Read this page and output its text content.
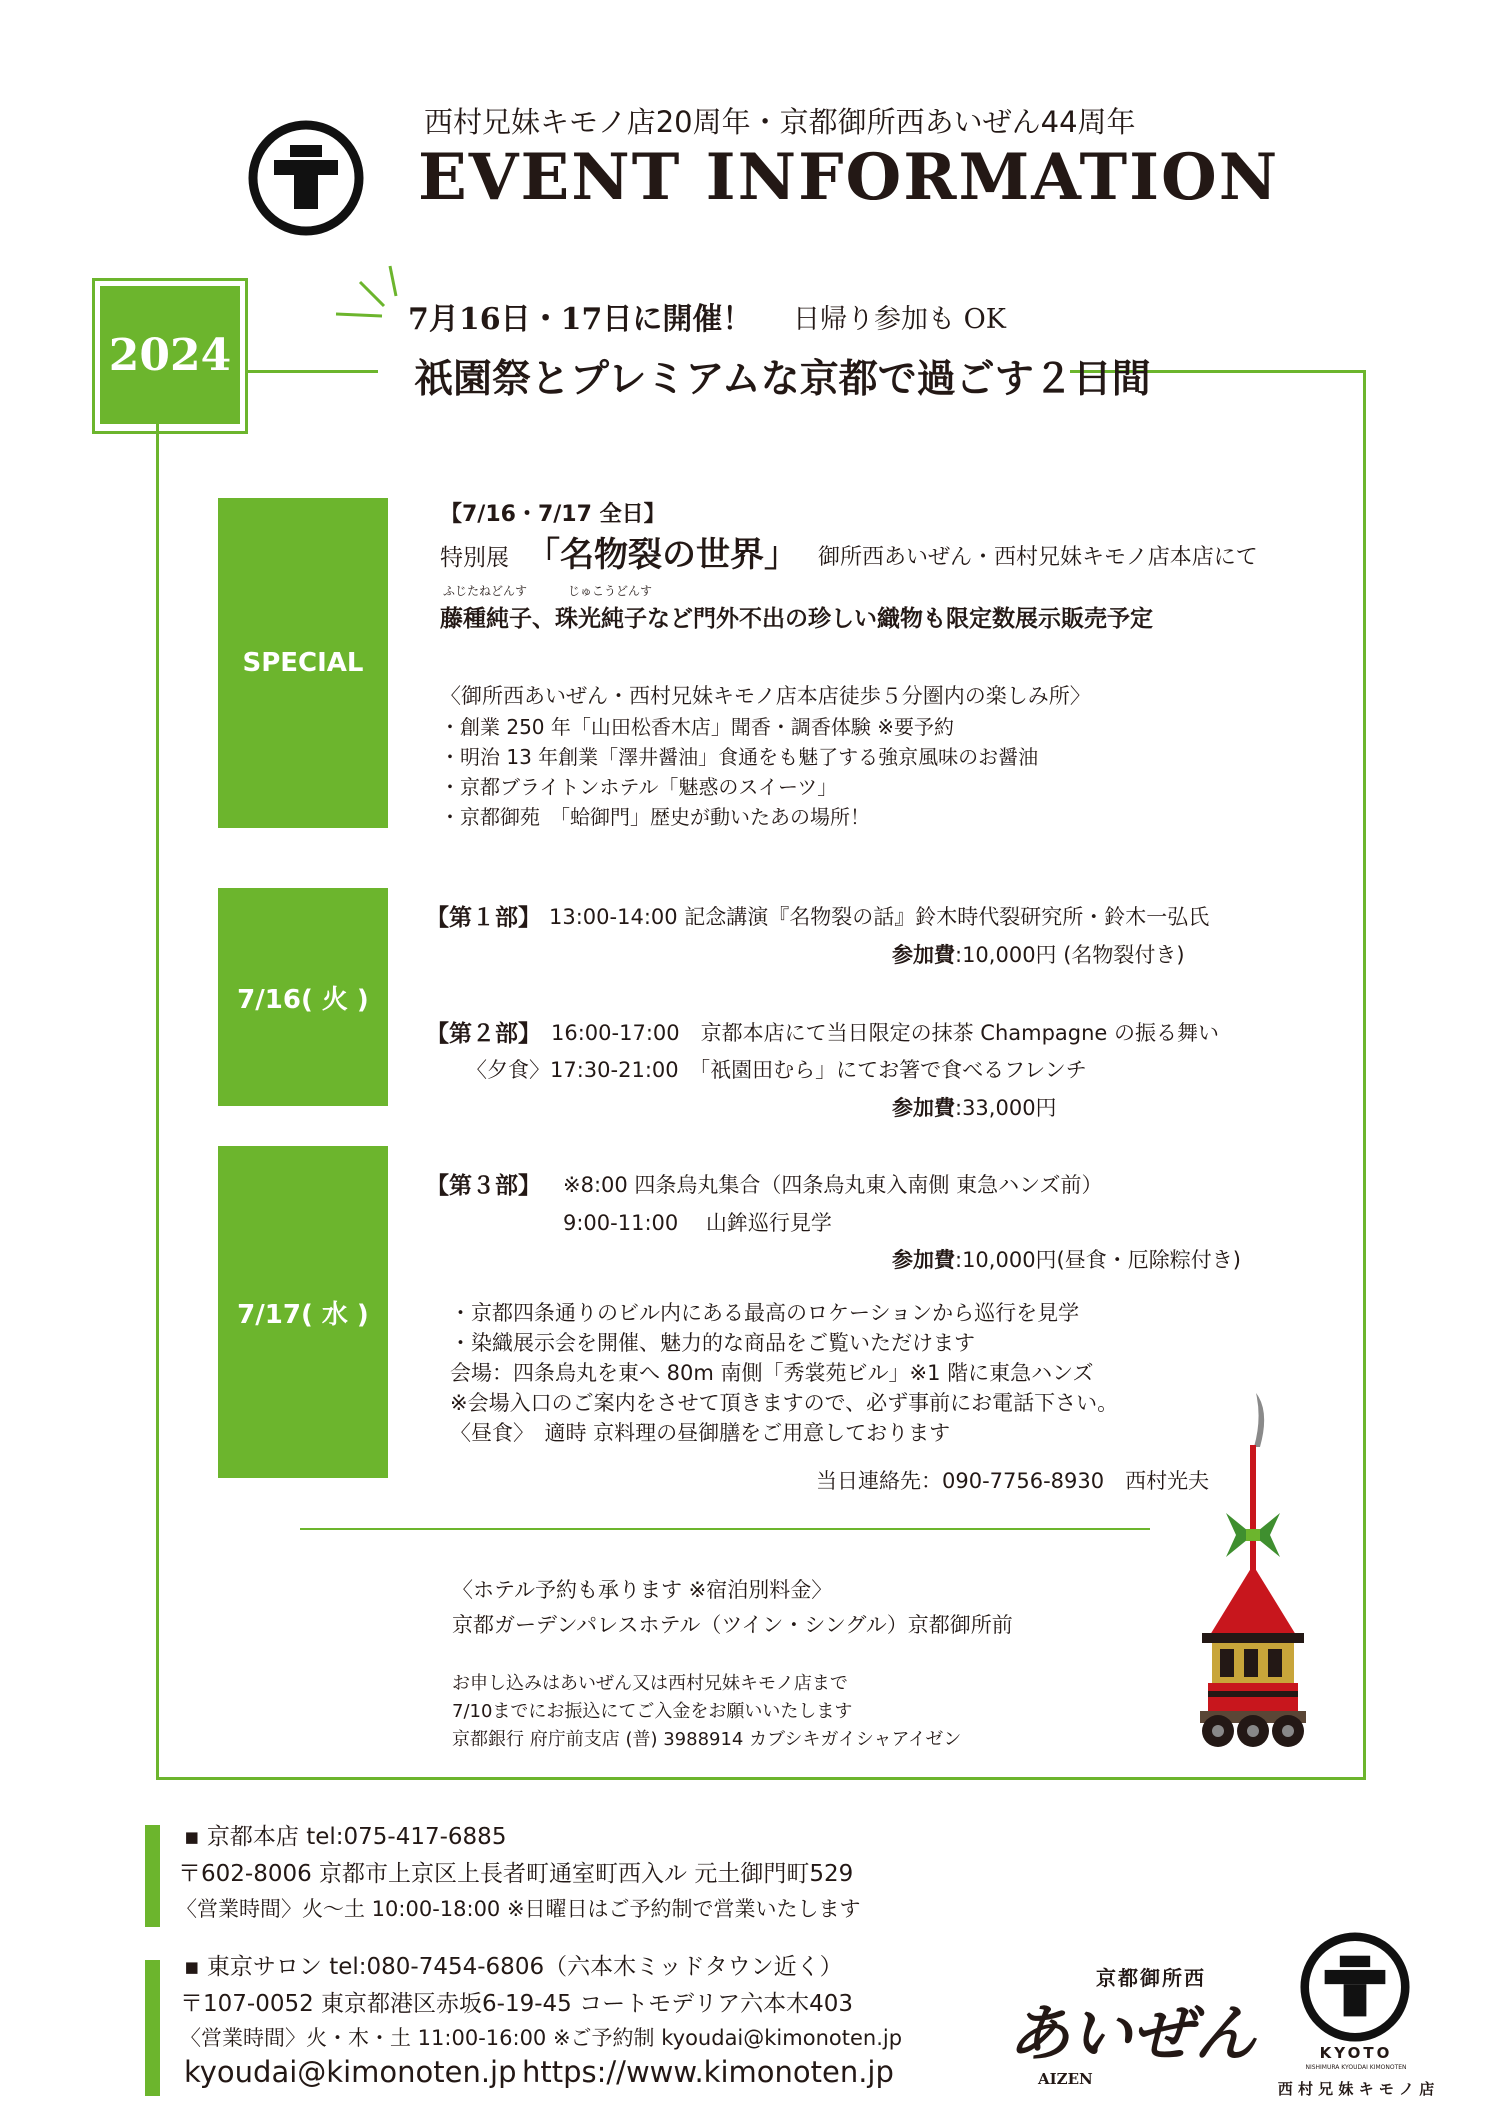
西村兄妹キモノ店20周年・京都御所西あいぜん44周年
EVENT INFORMATION
2024
7月16日・17日に開催！ 日帰り参加も OK
祇園祭とプレミアムな京都で過ごす２日間
SPECIAL
【7/16・7/17 全日】
特別展 「名物裂の世界」 御所西あいぜん・西村兄妹キモノ店本店にて
ふじたねどんす	じゅこうどんす
藤種純子、珠光純子など門外不出の珍しい織物も限定数展示販売予定
〈御所西あいぜん・西村兄妹キモノ店本店徒歩５分圏内の楽しみ所〉
・創業 250 年「山田松香木店」聞香・調香体験 ※要予約
・明治 13 年創業「澤井醤油」食通をも魅了する強京風味のお醤油
・京都ブライトンホテル「魅惑のスイーツ」
・京都御苑　「蛤御門」歴史が動いたあの場所！
7/16( 火 )
【第１部】 13:00-14:00 記念講演『名物裂の話』鈴木時代裂研究所・鈴木一弘氏
参加費:10,000円 (名物裂付き)
【第２部】 16:00-17:00　京都本店にて当日限定の抹茶 Champagne の振る舞い
〈夕食〉17:30-21:00　「祇園田むら」にてお箸で食べるフレンチ
参加費:33,000円
7/17( 水 )
【第３部】 ※8:00 四条烏丸集合（四条烏丸東入南側 東急ハンズ前）
9:00-11:00　 山鉾巡行見学
参加費:10,000円(昼食・厄除粽付き)
・京都四条通りのビル内にある最高のロケーションから巡行を見学
・染織展示会を開催、魅力的な商品をご覧いただけます
会場：四条烏丸を東へ 80m 南側「秀裳苑ビル」※1 階に東急ハンズ
※会場入口のご案内をさせて頂きますので、必ず事前にお電話下さい。
〈昼食〉　適時 京料理の昼御膳をご用意しております
当日連絡先：090-7756-8930　西村光夫
〈ホテル予約も承ります ※宿泊別料金〉
京都ガーデンパレスホテル（ツイン・シングル）京都御所前
お申し込みはあいぜん又は西村兄妹キモノ店まで
7/10までにお振込にてご入金をお願いいたします
京都銀行 府庁前支店 (普) 3988914 カブシキガイシャアイゼン
▪ 京都本店 tel:075-417-6885
〒602-8006 京都市上京区上長者町通室町西入ル 元土御門町529
〈営業時間〉火～土 10:00-18:00 ※日曜日はご予約制で営業いたします
▪ 東京サロン tel:080-7454-6806（六本木ミッドタウン近く）
〒107-0052 東京都港区赤坂6-19-45 コートモデリア六本木403
〈営業時間〉火・木・土 11:00-16:00 ※ご予約制 kyoudai@kimonoten.jp
kyoudai@kimonoten.jp https://www.kimonoten.jp
京都御所西
あいぜん
AIZEN
KYOTO
NISHIMURA KYOUDAI KIMONOTEN
西 村 兄 妹 キ モ ノ 店
